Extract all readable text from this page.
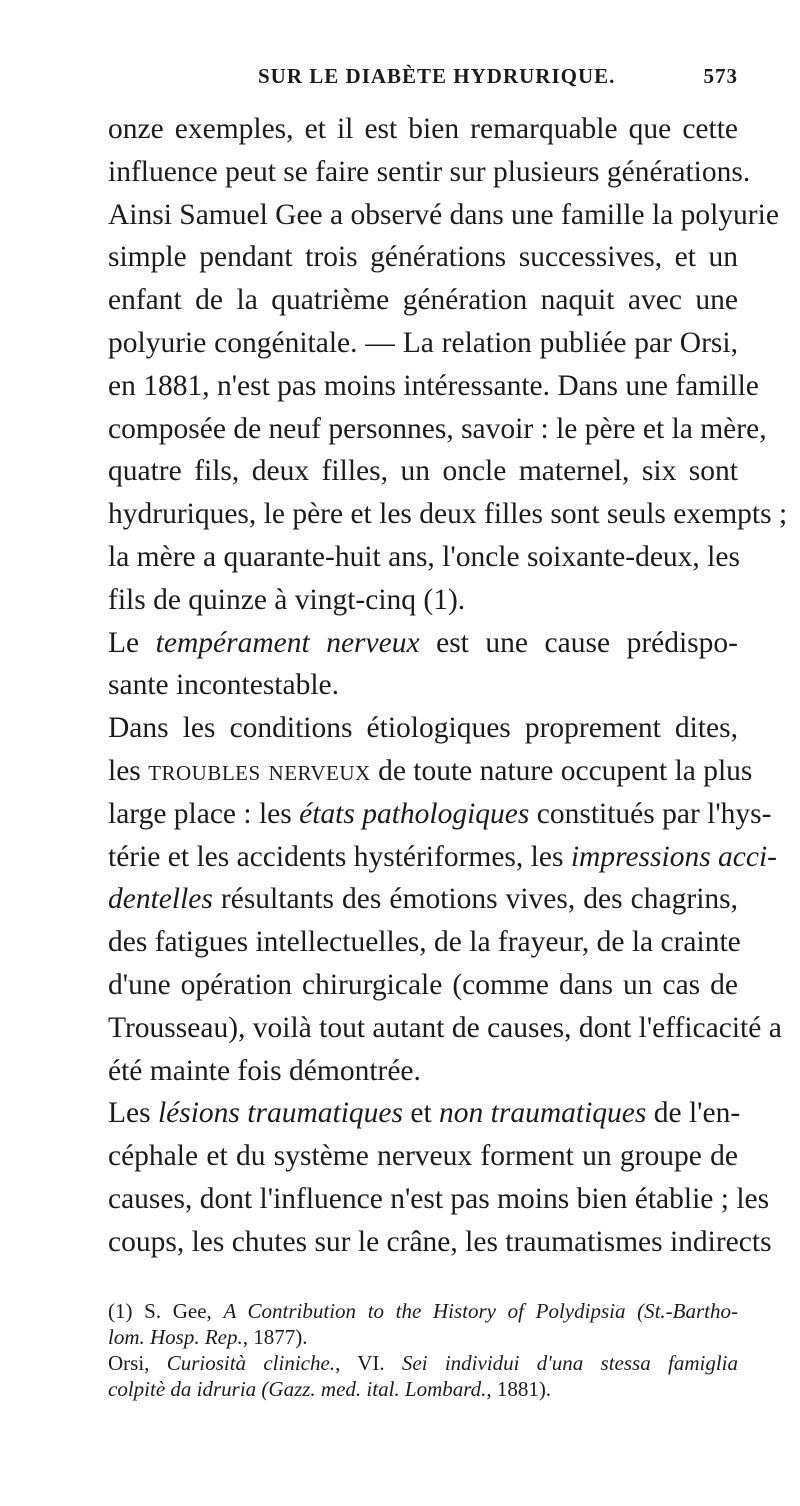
SUR LE DIABÈTE HYDRURIQUE.	573
onze exemples, et il est bien remarquable que cette
influence peut se faire sentir sur plusieurs générations.
Ainsi Samuel Gee a observé dans une famille la polyurie
simple pendant trois générations successives, et un
enfant de la quatrième génération naquit avec une
polyurie congénitale. — La relation publiée par Orsi,
en 1881, n'est pas moins intéressante. Dans une famille
composée de neuf personnes, savoir : le père et la mère,
quatre fils, deux filles, un oncle maternel, six sont
hydruriques, le père et les deux filles sont seuls exempts ;
la mère a quarante-huit ans, l'oncle soixante-deux, les
fils de quinze à vingt-cinq (1).
Le tempérament nerveux est une cause prédispo-
sante incontestable.
Dans les conditions étiologiques proprement dites,
les troubles nerveux de toute nature occupent la plus
large place : les états pathologiques constitués par l'hys-
térie et les accidents hystériformes, les impressions acci-
dentelles résultants des émotions vives, des chagrins,
des fatigues intellectuelles, de la frayeur, de la crainte
d'une opération chirurgicale (comme dans un cas de
Trousseau), voilà tout autant de causes, dont l'efficacité a
été mainte fois démontrée.
Les lésions traumatiques et non traumatiques de l'en-
céphale et du système nerveux forment un groupe de
causes, dont l'influence n'est pas moins bien établie ; les
coups, les chutes sur le crâne, les traumatismes indirects
(1) S. Gee, A Contribution to the History of Polydipsia (St.-Bartho-
lom. Hosp. Rep., 1877).
Orsi, Curiosità cliniche., VI. Sei individui d'una stessa famiglia
colpitè da idruria (Gazz. med. ital. Lombard., 1881).
